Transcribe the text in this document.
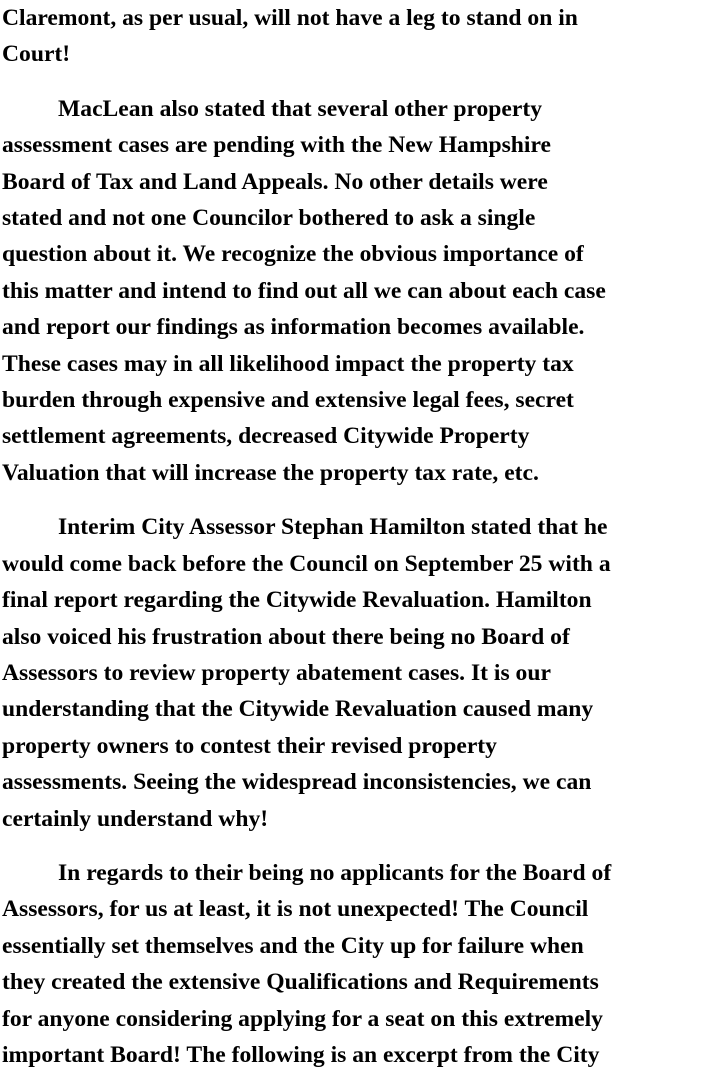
Claremont, as per usual, will not have a leg to stand on in
Court!

MacLean also stated that several other property
assessment cases are pending with the New Hampshire
Board of Tax and Land Appeals. No other details were
stated and not one Councilor bothered to ask a single
question about it. We recognize the obvious importance of
this matter and intend to find out all we can about each case
and report our findings as information becomes available.
These cases may in all likelihood impact the property tax
burden through expensive and extensive legal fees, secret
settlement agreements, decreased Citywide Property
Valuation that will increase the property tax rate, etc.

Interim City Assessor Stephan Hamilton stated that he
would come back before the Council on September 25 with a
final report regarding the Citywide Revaluation. Hamilton
also voiced his frustration about there being no Board of
Assessors to review property abatement cases. It is our
understanding that the Citywide Revaluation caused many
property owners to contest their revised property
assessments. Seeing the widespread inconsistencies, we can
certainly understand why!

In regards to their being no applicants for the Board of
Assessors, for us at least, it is not unexpected! The Council
essentially set themselves and the City up for failure when
they created the extensive Qualifications and Requirements
for anyone considering applying for a seat on this extremely
important Board! The following is an excerpt from the City
